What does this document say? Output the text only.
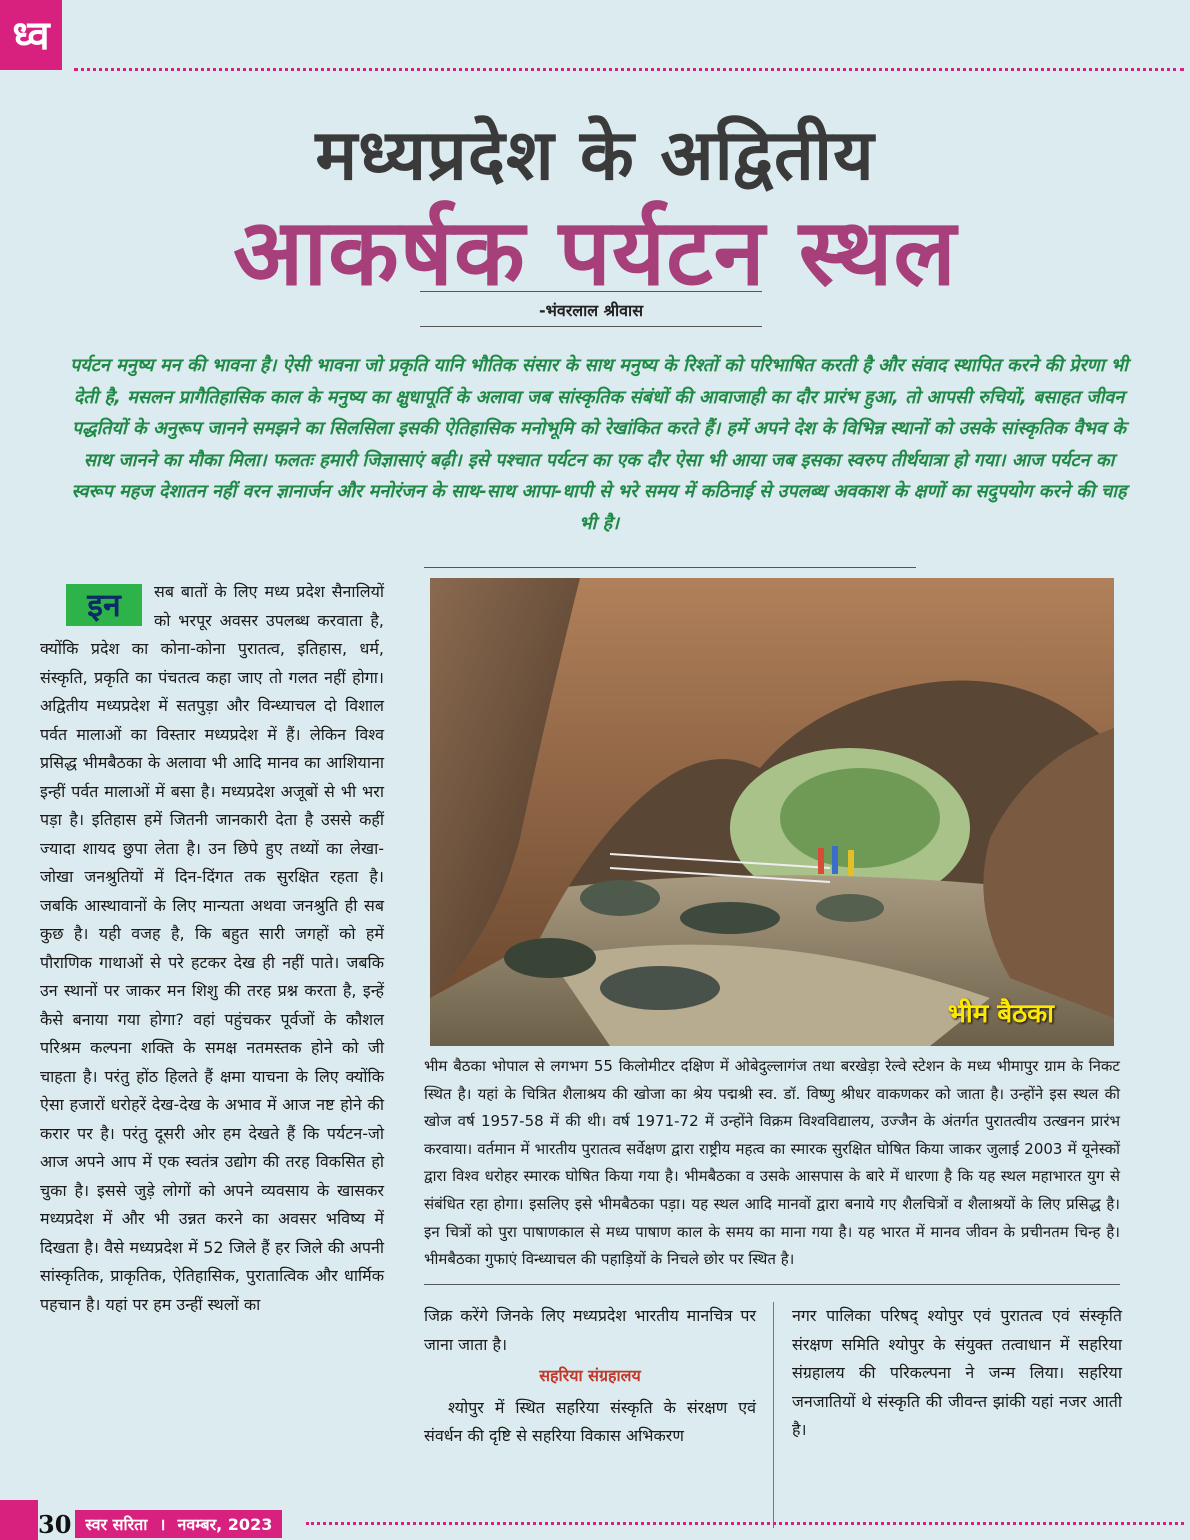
ध्व
मध्यप्रदेश के अद्वितीय
आकर्षक पर्यटन स्थल
-भंवरलाल श्रीवास
पर्यटन मनुष्य मन की भावना है। ऐसी भावना जो प्रकृति यानि भौतिक संसार के साथ मनुष्य के रिश्तों को परिभाषित करती है और संवाद स्थापित करने की प्रेरणा भी देती है, मसलन प्रागैतिहासिक काल के मनुष्य का क्षुधापूर्ति के अलावा जब सांस्कृतिक संबंधों की आवाजाही का दौर प्रारंभ हुआ, तो आपसी रुचियों, बसाहत जीवन पद्धतियों के अनुरूप जानने समझने का सिलसिला इसकी ऐतिहासिक मनोभूमि को रेखांकित करते हैं। हमें अपने देश के विभिन्न स्थानों को उसके सांस्कृतिक वैभव के साथ जानने का मौका मिला। फलतः हमारी जिज्ञासाएं बढ़ी। इसे पश्चात पर्यटन का एक दौर ऐसा भी आया जब इसका स्वरुप तीर्थयात्रा हो गया। आज पर्यटन का स्वरूप महज देशातन नहीं वरन ज्ञानार्जन और मनोरंजन के साथ-साथ आपा-धापी से भरे समय में कठिनाई से उपलब्ध अवकाश के क्षणों का सदुपयोग करने की चाह भी है।
इन	सब बातों के लिए मध्य प्रदेश सैनालियों को भरपूर अवसर उपलब्ध करवाता है, क्योंकि प्रदेश का कोना-कोना पुरातत्व, इतिहास, धर्म, संस्कृति, प्रकृति का पंचतत्व कहा जाए तो गलत नहीं होगा। अद्वितीय मध्यप्रदेश में सतपुड़ा और विन्ध्याचल दो विशाल पर्वत मालाओं का विस्तार मध्यप्रदेश में हैं। लेकिन विश्व प्रसिद्ध भीमबैठका के अलावा भी आदि मानव का आशियाना इन्हीं पर्वत मालाओं में बसा है। मध्यप्रदेश अजूबों से भी भरा पड़ा है। इतिहास हमें जितनी जानकारी देता है उससे कहीं ज्यादा शायद छुपा लेता है। उन छिपे हुए तथ्यों का लेखा-जोखा जनश्रुतियों में दिन-दिंगत तक सुरक्षित रहता है। जबकि आस्थावानों के लिए मान्यता अथवा जनश्रुति ही सब कुछ है। यही वजह है, कि बहुत सारी जगहों को हमें पौराणिक गाथाओं से परे हटकर देख ही नहीं पाते। जबकि उन स्थानों पर जाकर मन शिशु की तरह प्रश्न करता है, इन्हें कैसे बनाया गया होगा? वहां पहुंचकर पूर्वजों के कौशल परिश्रम कल्पना शक्ति के समक्ष नतमस्तक होने को जी चाहता है। परंतु होंठ हिलते हैं क्षमा याचना के लिए क्योंकि ऐसा हजारों धरोहरें देख-देख के अभाव में आज नष्ट होने की करार पर है। परंतु दूसरी ओर हम देखते हैं कि पर्यटन-जो आज अपने आप में एक स्वतंत्र उद्योग की तरह विकसित हो चुका है। इससे जुड़े लोगों को अपने व्यवसाय के खासकर मध्यप्रदेश में और भी उन्नत करने का अवसर भविष्य में दिखता है। वैसे मध्यप्रदेश में 52 जिले हैं हर जिले की अपनी सांस्कृतिक, प्राकृतिक, ऐतिहासिक, पुरातात्विक और धार्मिक पहचान है। यहां पर हम उन्हीं स्थलों का
भीम बैठका
भीम बैठका भोपाल से लगभग 55 किलोमीटर दक्षिण में ओबेदुल्लागंज तथा बरखेड़ा रेल्वे स्टेशन के मध्य भीमापुर ग्राम के निकट स्थित है। यहां के चित्रित शैलाश्रय की खोजा का श्रेय पद्मश्री स्व. डॉ. विष्णु श्रीधर वाकणकर को जाता है। उन्होंने इस स्थल की खोज वर्ष 1957-58 में की थी। वर्ष 1971-72 में उन्होंने विक्रम विश्वविद्यालय, उज्जैन के अंतर्गत पुरातत्वीय उत्खनन प्रारंभ करवाया। वर्तमान में भारतीय पुरातत्व सर्वेक्षण द्वारा राष्ट्रीय महत्व का स्मारक सुरक्षित घोषित किया जाकर जुलाई 2003 में यूनेस्कों द्वारा विश्व धरोहर स्मारक घोषित किया गया है। भीमबैठका व उसके आसपास के बारे में धारणा है कि यह स्थल महाभारत युग से संबंधित रहा होगा। इसलिए इसे भीमबैठका पड़ा। यह स्थल आदि मानवों द्वारा बनाये गए शैलचित्रों व शैलाश्रयों के लिए प्रसिद्ध है। इन चित्रों को पुरा पाषाणकाल से मध्य पाषाण काल के समय का माना गया है। यह भारत में मानव जीवन के प्रचीनतम चिन्ह है। भीमबैठका गुफाएं विन्ध्याचल की पहाड़ियों के निचले छोर पर स्थित है।
जिक्र करेंगे जिनके लिए मध्यप्रदेश भारतीय मानचित्र पर जाना जाता है।
सहरिया संग्रहालय
श्योपुर में स्थित सहरिया संस्कृति के संरक्षण एवं संवर्धन की दृष्टि से सहरिया विकास अभिकरण
नगर पालिका परिषद् श्योपुर एवं पुरातत्व एवं संस्कृति संरक्षण समिति श्योपुर के संयुक्त तत्वाधान में सहरिया संग्रहालय की परिकल्पना ने जन्म लिया। सहरिया जनजातियों थे संस्कृति की जीवन्त झांकी यहां नजर आती है।
30 स्वर सरिता । नवम्बर, 2023
